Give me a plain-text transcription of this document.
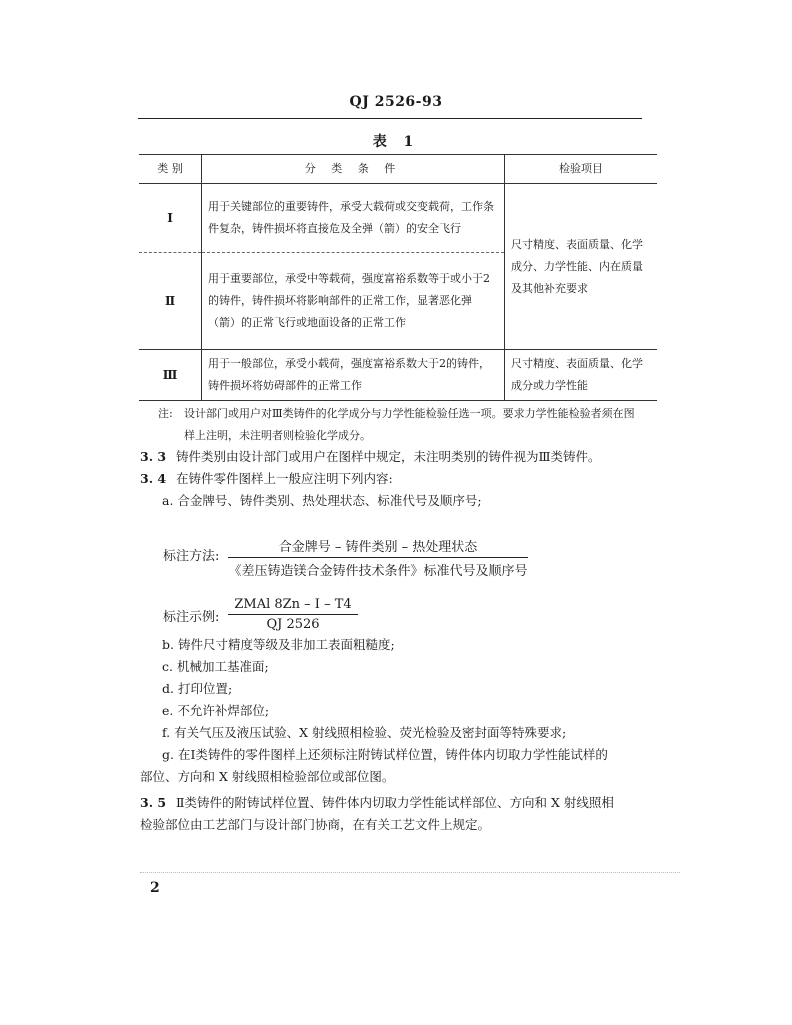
QJ 2526-93
表 1
类 别	分 类 条 件	检验项目
Ⅰ	用于关键部位的重要铸件，承受大载荷或交变载荷，工作条件复杂，铸件损坏将直接危及全弹（箭）的安全飞行	尺寸精度、表面质量、化学成分、力学性能、内在质量及其他补充要求
Ⅱ	用于重要部位，承受中等载荷，强度富裕系数等于或小于2的铸件，铸件损坏将影响部件的正常工作，显著恶化弹（箭）的正常飞行或地面设备的正常工作	
Ⅲ	用于一般部位，承受小载荷，强度富裕系数大于2的铸件，铸件损坏将妨碍部件的正常工作	尺寸精度、表面质量、化学成分或力学性能
注: 设计部门或用户对Ⅲ类铸件的化学成分与力学性能检验任选一项。要求力学性能检验者须在图
样上注明，未注明者则检验化学成分。
3. 3 铸件类别由设计部门或用户在图样中规定，未注明类别的铸件视为Ⅲ类铸件。
3. 4 在铸件零件图样上一般应注明下列内容:
a. 合金牌号、铸件类别、热处理状态、标准代号及顺序号;
标注方法:
合金牌号 – 铸件类别 – 热处理状态
《差压铸造镁合金铸件技术条件》标准代号及顺序号
标注示例:
ZMAl 8Zn – Ⅰ – T4
QJ 2526
b. 铸件尺寸精度等级及非加工表面粗糙度;
c. 机械加工基准面;
d. 打印位置;
e. 不允许补焊部位;
f. 有关气压及液压试验、X 射线照相检验、荧光检验及密封面等特殊要求;
g. 在Ⅰ类铸件的零件图样上还须标注附铸试样位置，铸件体内切取力学性能试样的
部位、方向和 X 射线照相检验部位或部位图。
3. 5 Ⅱ类铸件的附铸试样位置、铸件体内切取力学性能试样部位、方向和 X 射线照相
检验部位由工艺部门与设计部门协商，在有关工艺文件上规定。
2
